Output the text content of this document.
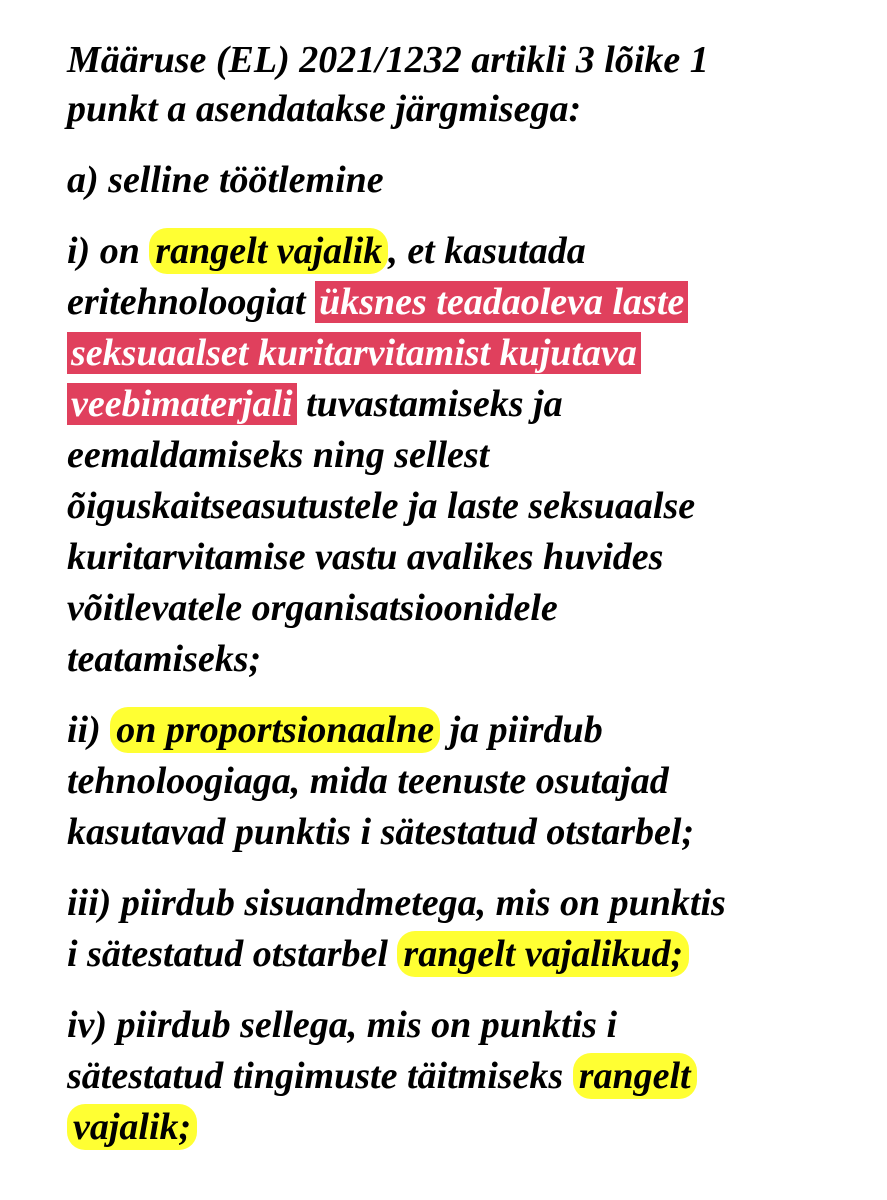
Määruse (EL) 2021/1232 artikli 3 lõike 1

punkt a asendatakse järgmisega:

a) selline töötlemine

i) on rangelt vajalik , et kasutada

eritehnoloogiat üksnes teadaoleva laste

seksuaalset kuritarvitamist kujutava

veebimaterjali tuvastamiseks ja

eemaldamiseks ning sellest

õiguskaitseasutustele ja laste seksuaalse

kuritarvitamise vastu avalikes huvides

võitlevatele organisatsioonidele

teatamiseks;

ii) on proportsionaalne ja piirdub

tehnoloogiaga, mida teenuste osutajad

kasutavad punktis i sätestatud otstarbel;

iii) piirdub sisuandmetega, mis on punktis

i sätestatud otstarbel rangelt vajalikud;

iv) piirdub sellega, mis on punktis i

sätestatud tingimuste täitmiseks rangelt

vajalik;
